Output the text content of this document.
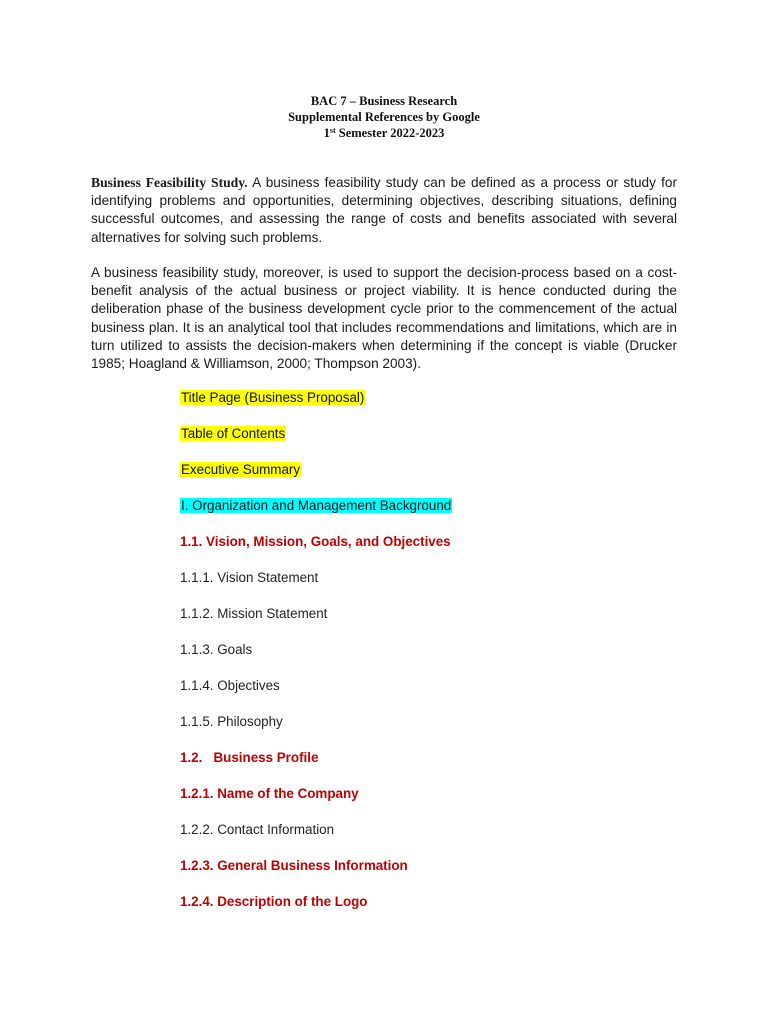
BAC 7 – Business Research
Supplemental References by Google
1st Semester 2022-2023

Business Feasibility Study. A business feasibility study can be defined as a process or study for identifying problems and opportunities, determining objectives, describing situations, defining successful outcomes, and assessing the range of costs and benefits associated with several alternatives for solving such problems.

A business feasibility study, moreover, is used to support the decision-process based on a cost-benefit analysis of the actual business or project viability. It is hence conducted during the deliberation phase of the business development cycle prior to the commencement of the actual business plan. It is an analytical tool that includes recommendations and limitations, which are in turn utilized to assists the decision-makers when determining if the concept is viable (Drucker 1985; Hoagland & Williamson, 2000; Thompson 2003).

Title Page (Business Proposal)
Table of Contents
Executive Summary
I. Organization and Management Background
1.1. Vision, Mission, Goals, and Objectives
1.1.1. Vision Statement
1.1.2. Mission Statement
1.1.3. Goals
1.1.4. Objectives
1.1.5. Philosophy
1.2.   Business Profile
1.2.1. Name of the Company
1.2.2. Contact Information
1.2.3. General Business Information
1.2.4. Description of the Logo
